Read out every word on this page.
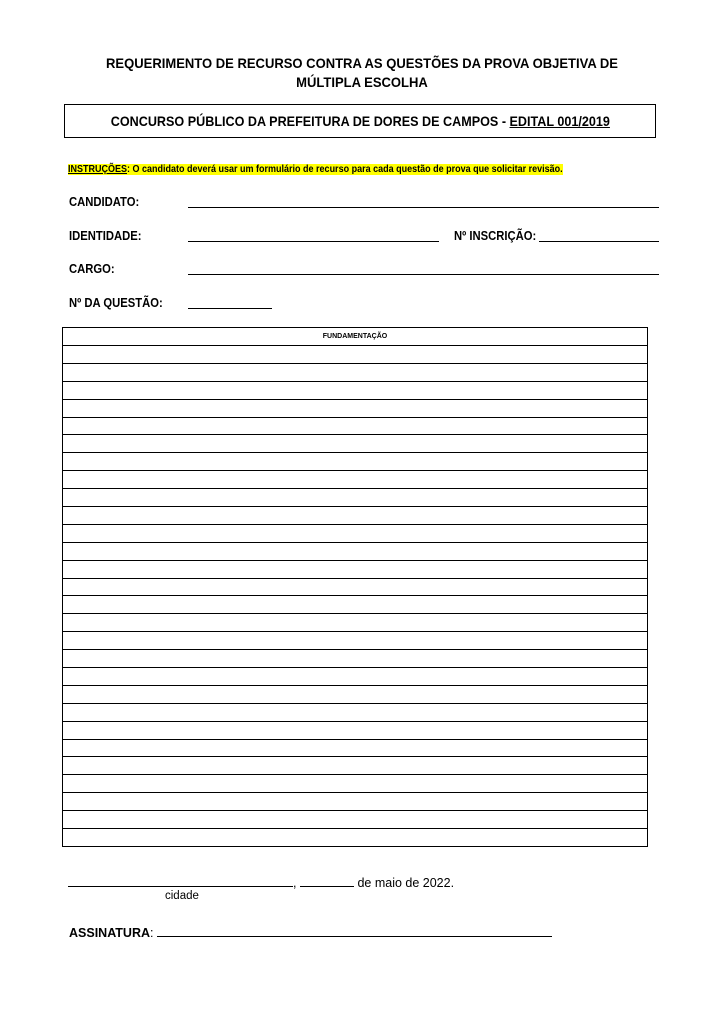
REQUERIMENTO DE RECURSO CONTRA AS QUESTÕES DA PROVA OBJETIVA DE
MÚLTIPLA ESCOLHA
CONCURSO PÚBLICO DA PREFEITURA DE DORES DE CAMPOS - EDITAL 001/2019
INSTRUÇÕES: O candidato deverá usar um formulário de recurso para cada questão de prova que solicitar revisão.
CANDIDATO:
IDENTIDADE:	Nº INSCRIÇÃO:
CARGO:
Nº DA QUESTÃO:
FUNDAMENTAÇÃO
,	de maio de 2022.
cidade
ASSINATURA:
